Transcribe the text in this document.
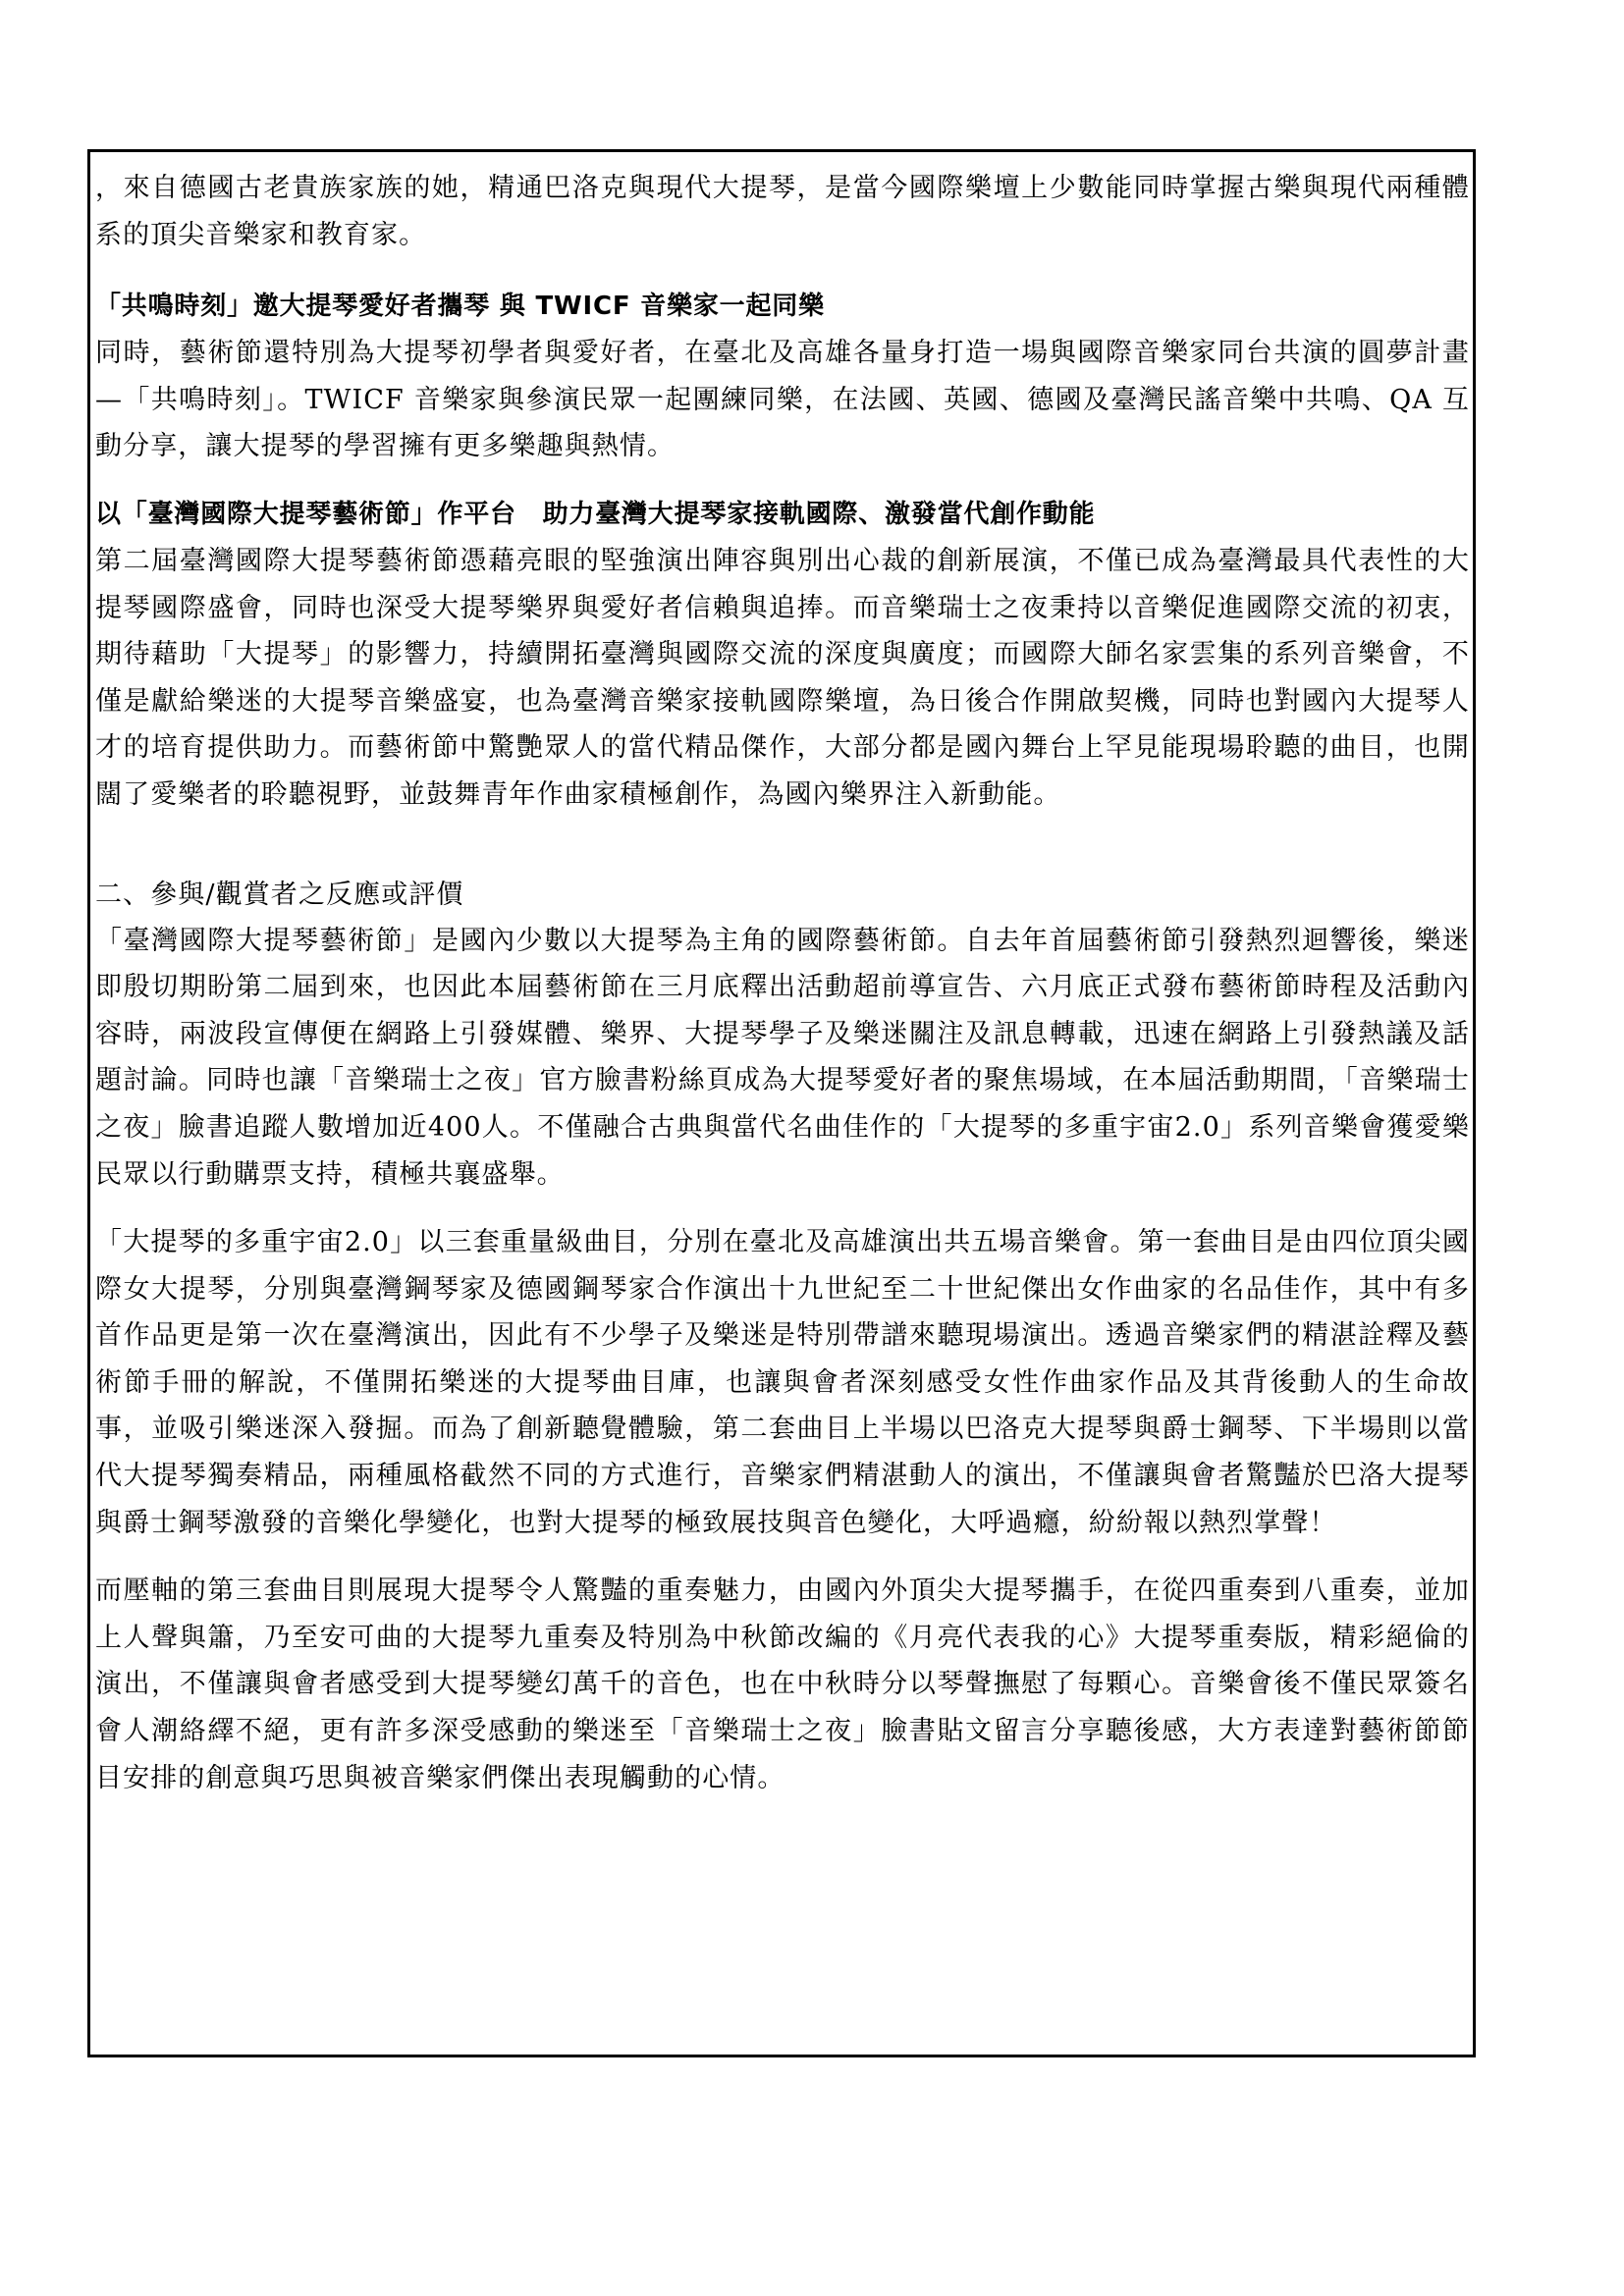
，來自德國古老貴族家族的她，精通巴洛克與現代大提琴，是當今國際樂壇上少數能同時掌握古樂與現代兩種體系的頂尖音樂家和教育家。

「共鳴時刻」邀大提琴愛好者攜琴 與 TWICF 音樂家一起同樂

同時，藝術節還特別為大提琴初學者與愛好者，在臺北及高雄各量身打造一場與國際音樂家同台共演的圓夢計畫—「共鳴時刻」。TWICF 音樂家與參演民眾一起團練同樂，在法國、英國、德國及臺灣民謠音樂中共鳴、QA 互動分享，讓大提琴的學習擁有更多樂趣與熱情。

以「臺灣國際大提琴藝術節」作平台　助力臺灣大提琴家接軌國際、激發當代創作動能

第二屆臺灣國際大提琴藝術節憑藉亮眼的堅強演出陣容與別出心裁的創新展演，不僅已成為臺灣最具代表性的大提琴國際盛會，同時也深受大提琴樂界與愛好者信賴與追捧。而音樂瑞士之夜秉持以音樂促進國際交流的初衷，期待藉助「大提琴」的影響力，持續開拓臺灣與國際交流的深度與廣度；而國際大師名家雲集的系列音樂會，不僅是獻給樂迷的大提琴音樂盛宴，也為臺灣音樂家接軌國際樂壇，為日後合作開啟契機，同時也對國內大提琴人才的培育提供助力。而藝術節中驚艷眾人的當代精品傑作，大部分都是國內舞台上罕見能現場聆聽的曲目，也開闊了愛樂者的聆聽視野，並鼓舞青年作曲家積極創作，為國內樂界注入新動能。

二、參與/觀賞者之反應或評價

「臺灣國際大提琴藝術節」是國內少數以大提琴為主角的國際藝術節。自去年首屆藝術節引發熱烈迴響後，樂迷即殷切期盼第二屆到來，也因此本屆藝術節在三月底釋出活動超前導宣告、六月底正式發布藝術節時程及活動內容時，兩波段宣傳便在網路上引發媒體、樂界、大提琴學子及樂迷關注及訊息轉載，迅速在網路上引發熱議及話題討論。同時也讓「音樂瑞士之夜」官方臉書粉絲頁成為大提琴愛好者的聚焦場域，在本屆活動期間，「音樂瑞士之夜」臉書追蹤人數增加近400人。不僅融合古典與當代名曲佳作的「大提琴的多重宇宙2.0」系列音樂會獲愛樂民眾以行動購票支持，積極共襄盛舉。

「大提琴的多重宇宙2.0」以三套重量級曲目，分別在臺北及高雄演出共五場音樂會。第一套曲目是由四位頂尖國際女大提琴，分別與臺灣鋼琴家及德國鋼琴家合作演出十九世紀至二十世紀傑出女作曲家的名品佳作，其中有多首作品更是第一次在臺灣演出，因此有不少學子及樂迷是特別帶譜來聽現場演出。透過音樂家們的精湛詮釋及藝術節手冊的解說，不僅開拓樂迷的大提琴曲目庫，也讓與會者深刻感受女性作曲家作品及其背後動人的生命故事，並吸引樂迷深入發掘。而為了創新聽覺體驗，第二套曲目上半場以巴洛克大提琴與爵士鋼琴、下半場則以當代大提琴獨奏精品，兩種風格截然不同的方式進行，音樂家們精湛動人的演出，不僅讓與會者驚豔於巴洛大提琴與爵士鋼琴激發的音樂化學變化，也對大提琴的極致展技與音色變化，大呼過癮，紛紛報以熱烈掌聲！

而壓軸的第三套曲目則展現大提琴令人驚豔的重奏魅力，由國內外頂尖大提琴攜手，在從四重奏到八重奏，並加上人聲與簫，乃至安可曲的大提琴九重奏及特別為中秋節改編的《月亮代表我的心》大提琴重奏版，精彩絕倫的演出，不僅讓與會者感受到大提琴變幻萬千的音色，也在中秋時分以琴聲撫慰了每顆心。音樂會後不僅民眾簽名會人潮絡繹不絕，更有許多深受感動的樂迷至「音樂瑞士之夜」臉書貼文留言分享聽後感，大方表達對藝術節節目安排的創意與巧思與被音樂家們傑出表現觸動的心情。
